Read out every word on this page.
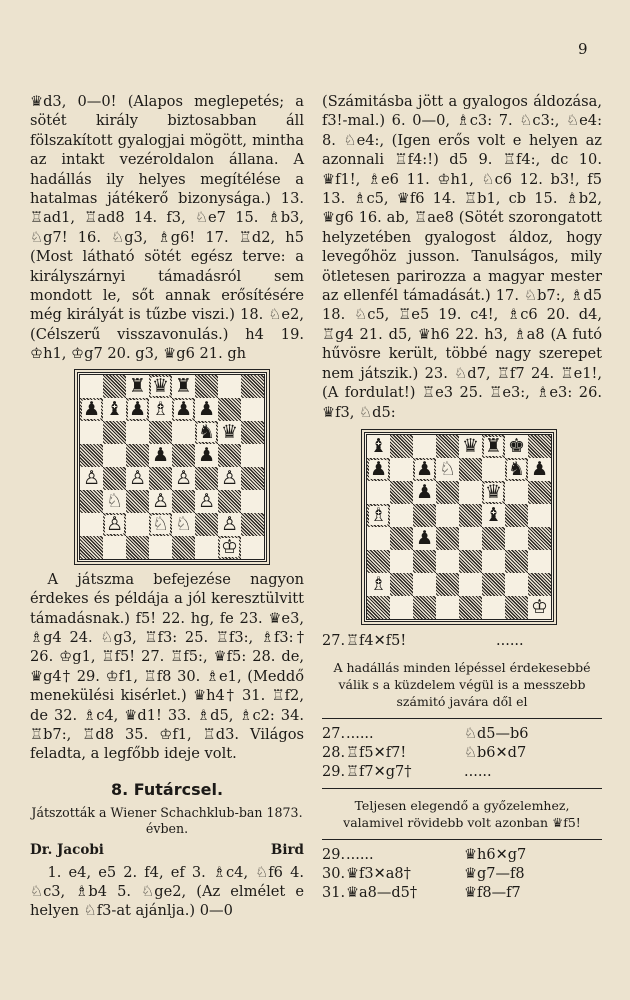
9

♛d3, 0—0! (Alapos meglepetés; a sötét király biztosabban áll fölszakított gyalogjai mögött, mintha az intakt vezéroldalon állana. A hadállás ily helyes megítélése a hatalmas játékerő bizonysága.) 13. ♖ad1, ♖ad8 14. f3, ♘e7 15. ♗b3, ♘g7! 16. ♘g3, ♗g6! 17. ♖d2, h5 (Most látható sötét egész terve: a királyszárnyi támadásról sem mondott le, sőt annak erősítésére még királyát is tűzbe viszi.) 18. ♘e2, (Célszerű visszavonulás.) h4 19. ♔h1, ♔g7 20. g3, ♛g6 21. gh

♜ ♛ ♜
♟ ♝ ♟ ♗ ♟ ♟
♞ ♛
♟ ♟
♙ ♙ ♙ ♙
♘ ♙ ♙
♙ ♘ ♘ ♙
♔

A játszma befejezése nagyon érdekes és példája a jól keresztülvitt támadásnak.) f5! 22. hg, fe 23. ♛e3, ♗g4 24. ♘g3, ♖f3: 25. ♖f3:, ♗f3:† 26. ♔g1, ♖f5! 27. ♖f5:, ♛f5: 28. de, ♛g4† 29. ♔f1, ♖f8 30. ♗e1, (Meddő menekülési kisérlet.) ♛h4† 31. ♖f2, de 32. ♗c4, ♛d1! 33. ♗d5, ♗c2: 34. ♖b7:, ♖d8 35. ♔f1, ♖d3. Világos feladta, a legfőbb ideje volt.

8. Futárcsel.
Játszották a Wiener Schachklub-ban 1873. évben.
Dr. Jacobi	Bird

1. e4, e5 2. f4, ef 3. ♗c4, ♘f6 4. ♘c3, ♗b4 5. ♘ge2, (Az elmélet e helyen ♘f3-at ajánlja.) 0—0

(Számitásba jött a gyalogos áldozása, f3!-mal.) 6. 0—0, ♗c3: 7. ♘c3:, ♘e4: 8. ♘e4:, (Igen erős volt e helyen az azonnali ♖f4:!) d5 9. ♖f4:, dc 10. ♛f1!, ♗e6 11. ♔h1, ♘c6 12. b3!, f5 13. ♗c5, ♛f6 14. ♖b1, cb 15. ♗b2, ♛g6 16. ab, ♖ae8 (Sötét szorongatott helyzetében gyalogost áldoz, hogy levegőhöz jusson. Tanulságos, mily ötletesen parirozza a magyar mester az ellenfél támadását.) 17. ♘b7:, ♗d5 18. ♘c5, ♖e5 19. c4!, ♗c6 20. d4, ♖g4 21. d5, ♛h6 22. h3, ♗a8 (A futó hűvösre került, többé nagy szerepet nem játszik.) 23. ♘d7, ♖f7 24. ♖e1!, (A fordulat!) ♖e3 25. ♖e3:, ♗e3: 26. ♛f3, ♘d5:

♝	♛ ♜ ♚
♟ ♟ ♘	♞ ♟
♟	♛
♗	♝
♟
♗
♔
27. ♖f4✕f5!	......
A hadállás minden lépéssel érdekesebbé válik s a küzdelem végül is a messzebb számitó javára dől el
27. ......	♘d5—b6
28. ♖f5✕f7!	♘b6✕d7
29. ♖f7✕g7†	......
Teljesen elegendő a győzelemhez, valamivel rövidebb volt azonban ♛f5!
29. ......	♛h6✕g7
30. ♛f3✕a8†	♛g7—f8
31. ♛a8—d5†	♛f8—f7
